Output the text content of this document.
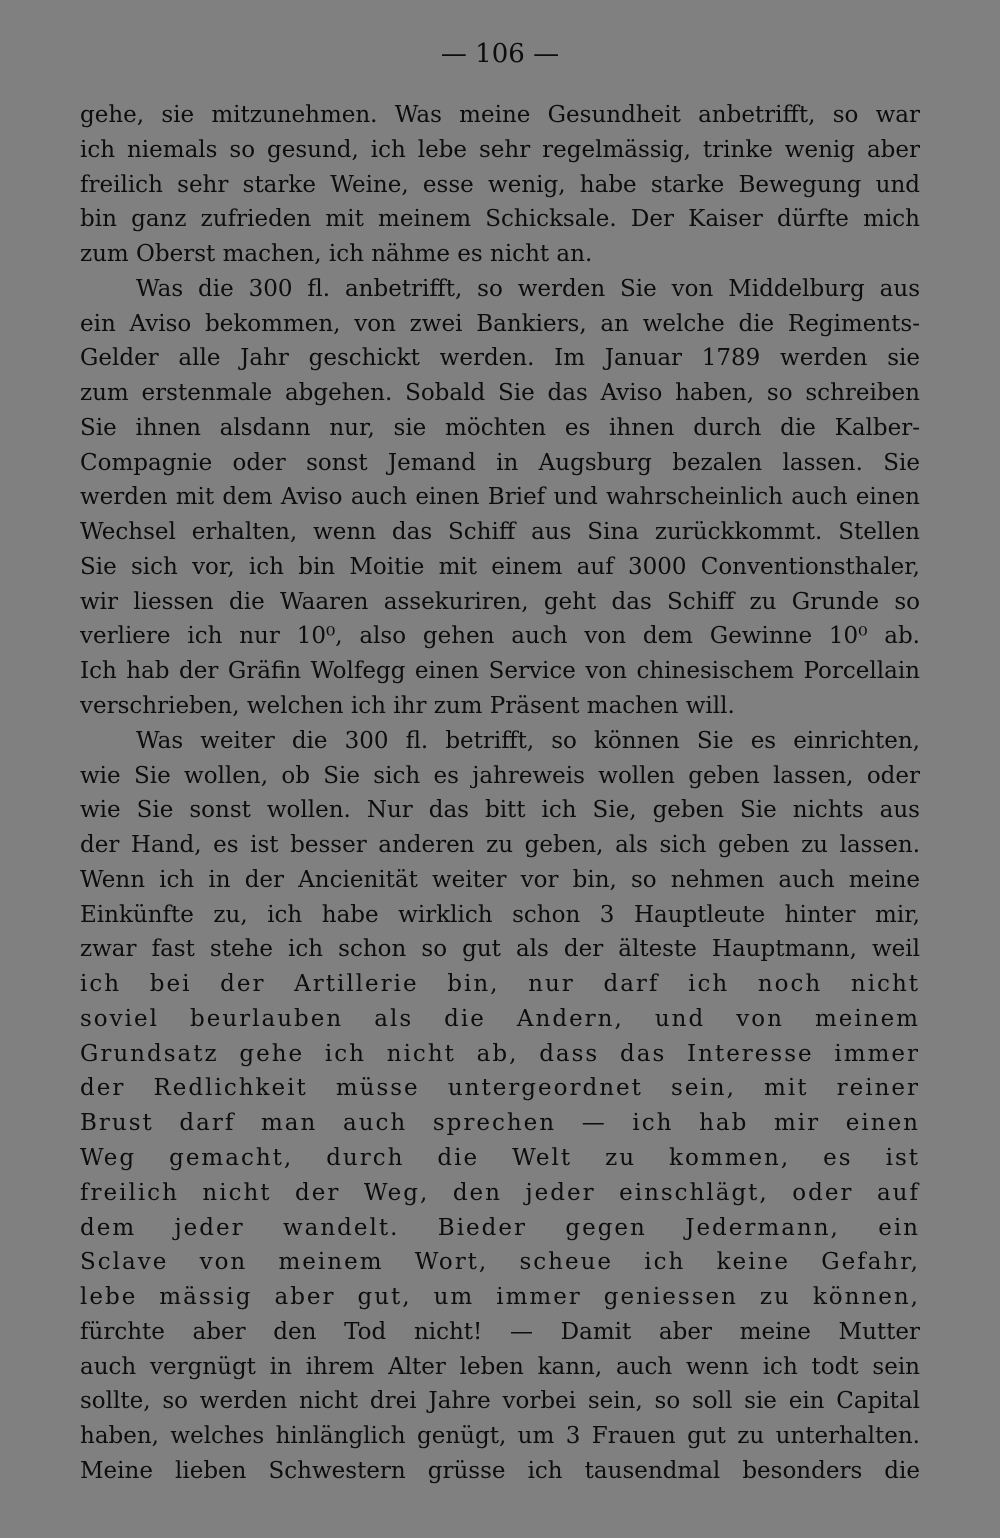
— 106 —
gehe, sie mitzunehmen. Was meine Gesundheit anbetrifft, so war
ich niemals so gesund, ich lebe sehr regelmässig, trinke wenig aber
freilich sehr starke Weine, esse wenig, habe starke Bewegung und
bin ganz zufrieden mit meinem Schicksale. Der Kaiser dürfte mich
zum Oberst machen, ich nähme es nicht an.
Was die 300 fl. anbetrifft, so werden Sie von Middelburg aus
ein Aviso bekommen, von zwei Bankiers, an welche die Regiments-
Gelder alle Jahr geschickt werden. Im Januar 1789 werden sie
zum erstenmale abgehen. Sobald Sie das Aviso haben, so schreiben
Sie ihnen alsdann nur, sie möchten es ihnen durch die Kalber-
Compagnie oder sonst Jemand in Augsburg bezalen lassen. Sie
werden mit dem Aviso auch einen Brief und wahrscheinlich auch einen
Wechsel erhalten, wenn das Schiff aus Sina zurückkommt. Stellen
Sie sich vor, ich bin Moitie mit einem auf 3000 Conventionsthaler,
wir liessen die Waaren assekuriren, geht das Schiff zu Grunde so
verliere ich nur 10⁰, also gehen auch von dem Gewinne 10⁰ ab.
Ich hab der Gräfin Wolfegg einen Service von chinesischem Porcellain
verschrieben, welchen ich ihr zum Präsent machen will.
Was weiter die 300 fl. betrifft, so können Sie es einrichten,
wie Sie wollen, ob Sie sich es jahreweis wollen geben lassen, oder
wie Sie sonst wollen. Nur das bitt ich Sie, geben Sie nichts aus
der Hand, es ist besser anderen zu geben, als sich geben zu lassen.
Wenn ich in der Ancienität weiter vor bin, so nehmen auch meine
Einkünfte zu, ich habe wirklich schon 3 Hauptleute hinter mir,
zwar fast stehe ich schon so gut als der älteste Hauptmann, weil
ich bei der Artillerie bin, nur darf ich noch nicht
soviel beurlauben als die Andern, und von meinem
Grundsatz gehe ich nicht ab, dass das Interesse immer
der Redlichkeit müsse untergeordnet sein, mit reiner
Brust darf man auch sprechen — ich hab mir einen
Weg gemacht, durch die Welt zu kommen, es ist
freilich nicht der Weg, den jeder einschlägt, oder auf
dem jeder wandelt. Bieder gegen Jedermann, ein
Sclave von meinem Wort, scheue ich keine Gefahr,
lebe mässig aber gut, um immer geniessen zu können,
fürchte aber den Tod nicht! — Damit aber meine Mutter
auch vergnügt in ihrem Alter leben kann, auch wenn ich todt sein
sollte, so werden nicht drei Jahre vorbei sein, so soll sie ein Capital
haben, welches hinlänglich genügt, um 3 Frauen gut zu unterhalten.
Meine lieben Schwestern grüsse ich tausendmal besonders die
